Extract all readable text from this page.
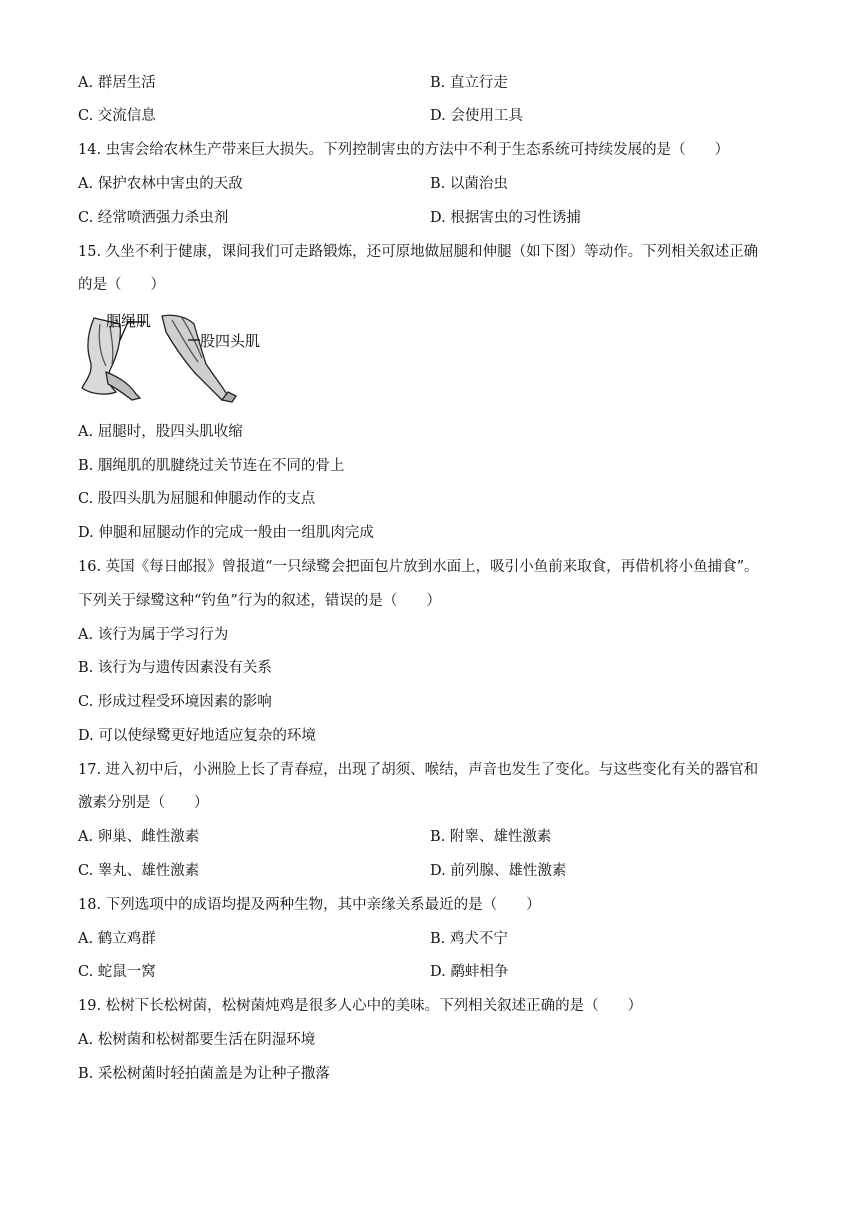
A. 群居生活	B. 直立行走
C. 交流信息	D. 会使用工具
14. 虫害会给农林生产带来巨大损失。下列控制害虫的方法中不利于生态系统可持续发展的是（　　）
A. 保护农林中害虫的天敌	B. 以菌治虫
C. 经常喷洒强力杀虫剂	D. 根据害虫的习性诱捕
15. 久坐不利于健康，课间我们可走路锻炼，还可原地做屈腿和伸腿（如下图）等动作。下列相关叙述正确
的是（　　）
腘绳肌
股四头肌
A. 屈腿时，股四头肌收缩
B. 腘绳肌的肌腱绕过关节连在不同的骨上
C. 股四头肌为屈腿和伸腿动作的支点
D. 伸腿和屈腿动作的完成一般由一组肌肉完成
16. 英国《每日邮报》曾报道“一只绿鹭会把面包片放到水面上，吸引小鱼前来取食，再借机将小鱼捕食”。
下列关于绿鹭这种“钓鱼”行为的叙述，错误的是（　　）
A. 该行为属于学习行为
B. 该行为与遗传因素没有关系
C. 形成过程受环境因素的影响
D. 可以使绿鹭更好地适应复杂的环境
17. 进入初中后，小洲脸上长了青春痘，出现了胡须、喉结，声音也发生了变化。与这些变化有关的器官和
激素分别是（　　）
A. 卵巢、雌性激素	B. 附睾、雄性激素
C. 睾丸、雄性激素	D. 前列腺、雄性激素
18. 下列选项中的成语均提及两种生物，其中亲缘关系最近的是（　　）
A. 鹤立鸡群	B. 鸡犬不宁
C. 蛇鼠一窝	D. 鹬蚌相争
19. 松树下长松树菌，松树菌炖鸡是很多人心中的美味。下列相关叙述正确的是（　　）
A. 松树菌和松树都要生活在阴湿环境
B. 采松树菌时轻拍菌盖是为让种子撒落
